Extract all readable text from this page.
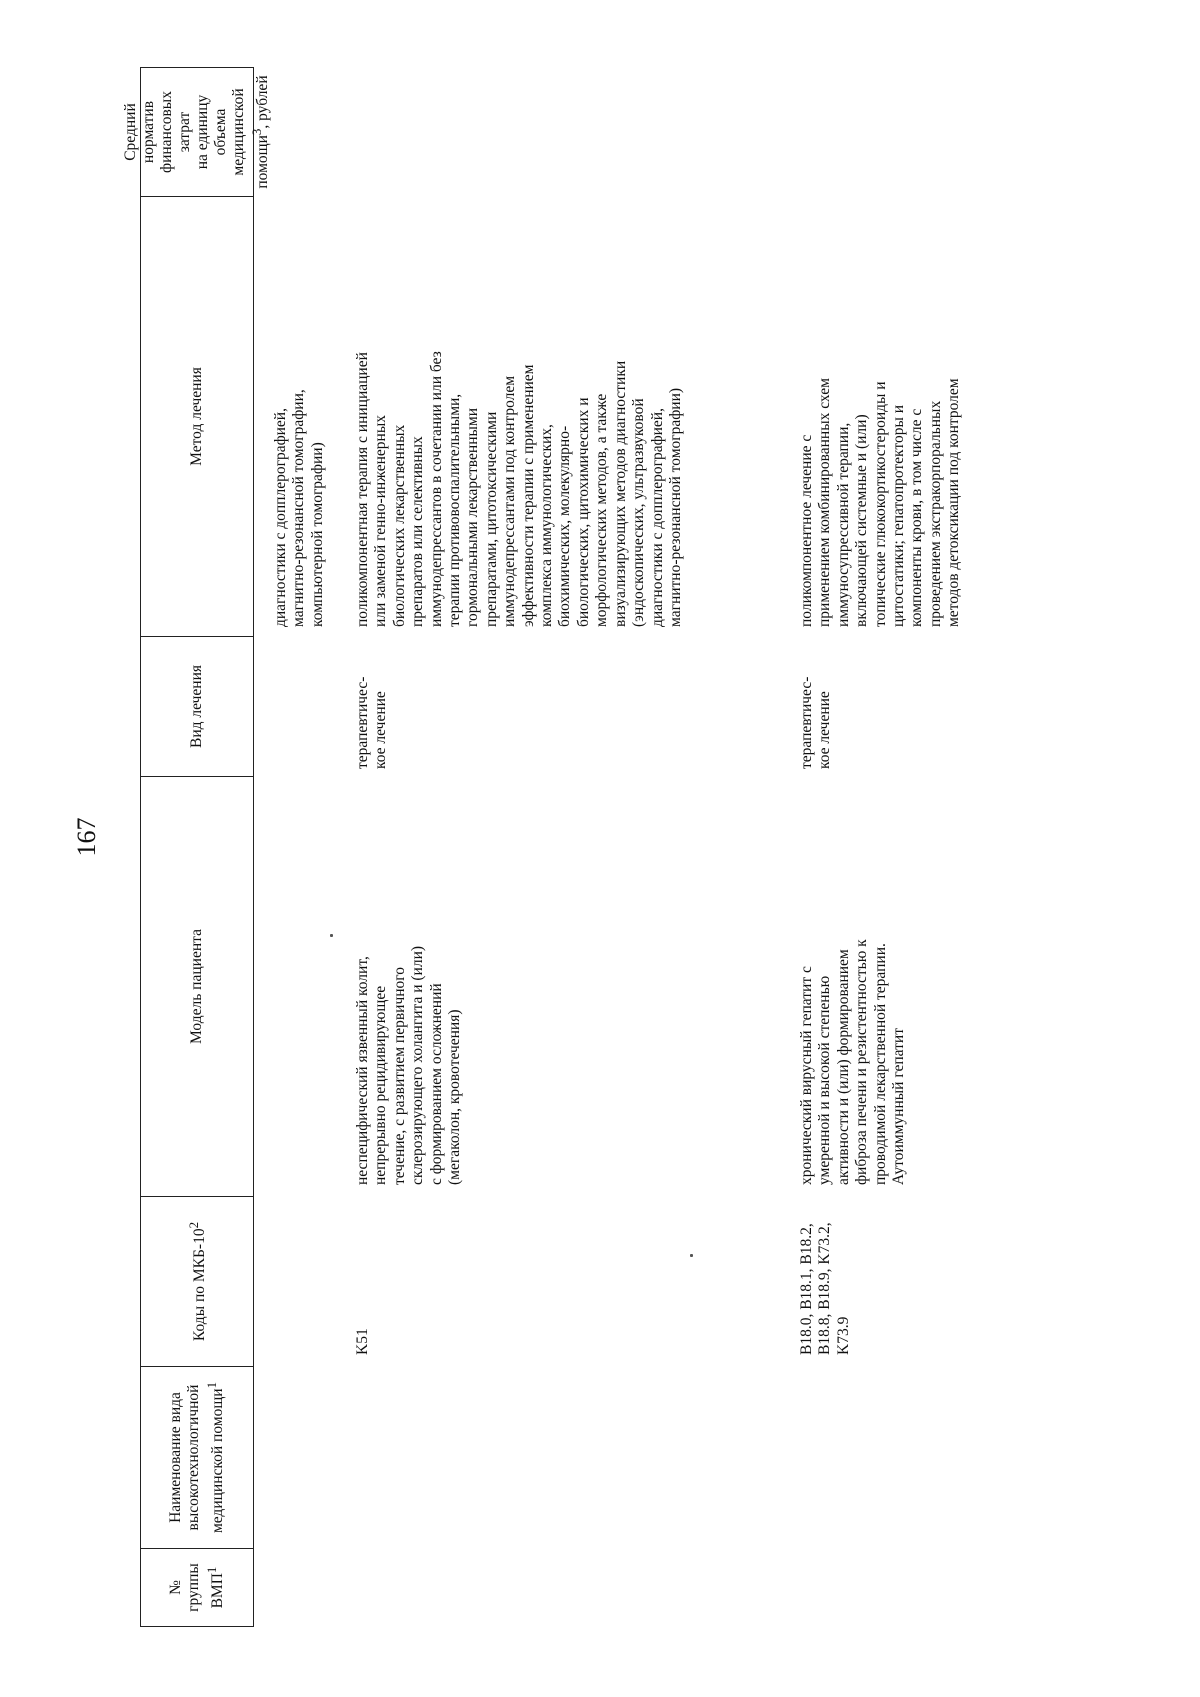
167
№
группы
ВМП$^1$
Наименование вида
высокотехнологичной
медицинской помощи$^1$
Коды по МКБ-$10^2$
Модель пациента
Вид лечения
Метод лечения
Средний норматив
финансовых затрат
на единицу объема
медицинской
помощи$^3$, рублей
диагностики с допплерографией,
магнитно-резонансной томографии,
компьютерной томографии)
K51
неспецифический язвенный колит,
непрерывно рецидивирующее
течение, с развитием первичного
склерозирующего холангита и (или)
с формированием осложнений
(мегаколон, кровотечения)
терапевтичес-
кое лечение
поликомпонентная терапия с инициацией
или заменой генно-инженерных
биологических лекарственных
препаратов или селективных
иммунодепрессантов в сочетании или без
терапии противовоспалительными,
гормональными лекарственными
препаратами, цитотоксическими
иммунодепрессантами под контролем
эффективности терапии с применением
комплекса иммунологических,
биохимических, молекулярно-
биологических, цитохимических и
морфологических методов, а также
визуализирующих методов диагностики
(эндоскопических, ультразвуковой
диагностики с допплерографией,
магнитно-резонансной томографии)
B18.0, B18.1, B18.2,
B18.8, B18.9, K73.2,
K73.9
хронический вирусный гепатит с
умеренной и высокой степенью
активности и (или) формированием
фиброза печени и резистентностью к
проводимой лекарственной терапии.
Аутоиммунный гепатит
терапевтичес-
кое лечение
поликомпонентное лечение с
применением комбинированных схем
иммуносупрессивной терапии,
включающей системные и (или)
топические глюкокортикостероиды и
цитостатики; гепатопротекторы и
компоненты крови, в том числе с
проведением экстракорпоральных
методов детоксикации под контролем
